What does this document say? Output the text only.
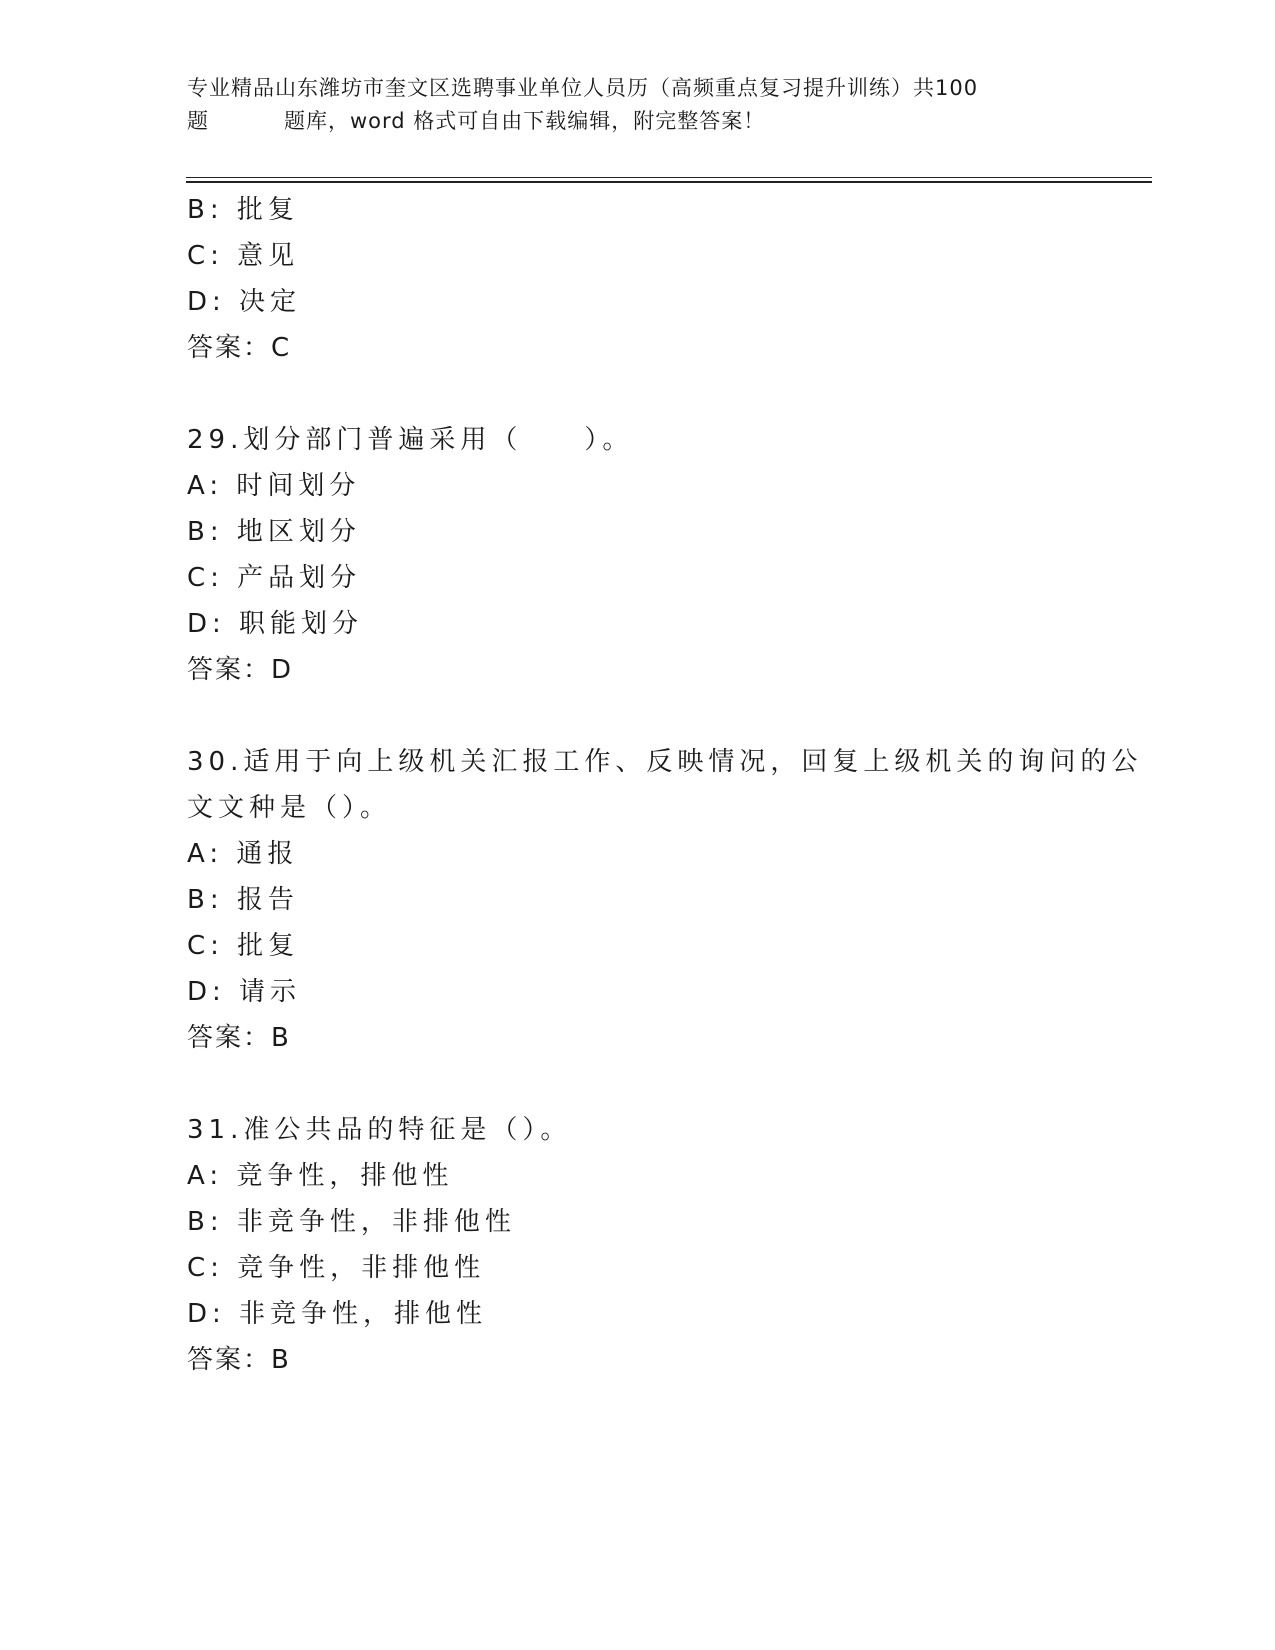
专业精品山东潍坊市奎文区选聘事业单位人员历（高频重点复习提升训练）共100
题	题库，word 格式可自由下载编辑，附完整答案！
B: 批复
C: 意见
D: 决定
答案：C
29.划分部门普遍采用（　　）。
A: 时间划分
B: 地区划分
C: 产品划分
D: 职能划分
答案：D
30.适用于向上级机关汇报工作、反映情况，回复上级机关的询问的公
文文种是（）。
A: 通报
B: 报告
C: 批复
D: 请示
答案：B
31.准公共品的特征是（）。
A: 竞争性，排他性
B: 非竞争性，非排他性
C: 竞争性，非排他性
D: 非竞争性，排他性
答案：B
